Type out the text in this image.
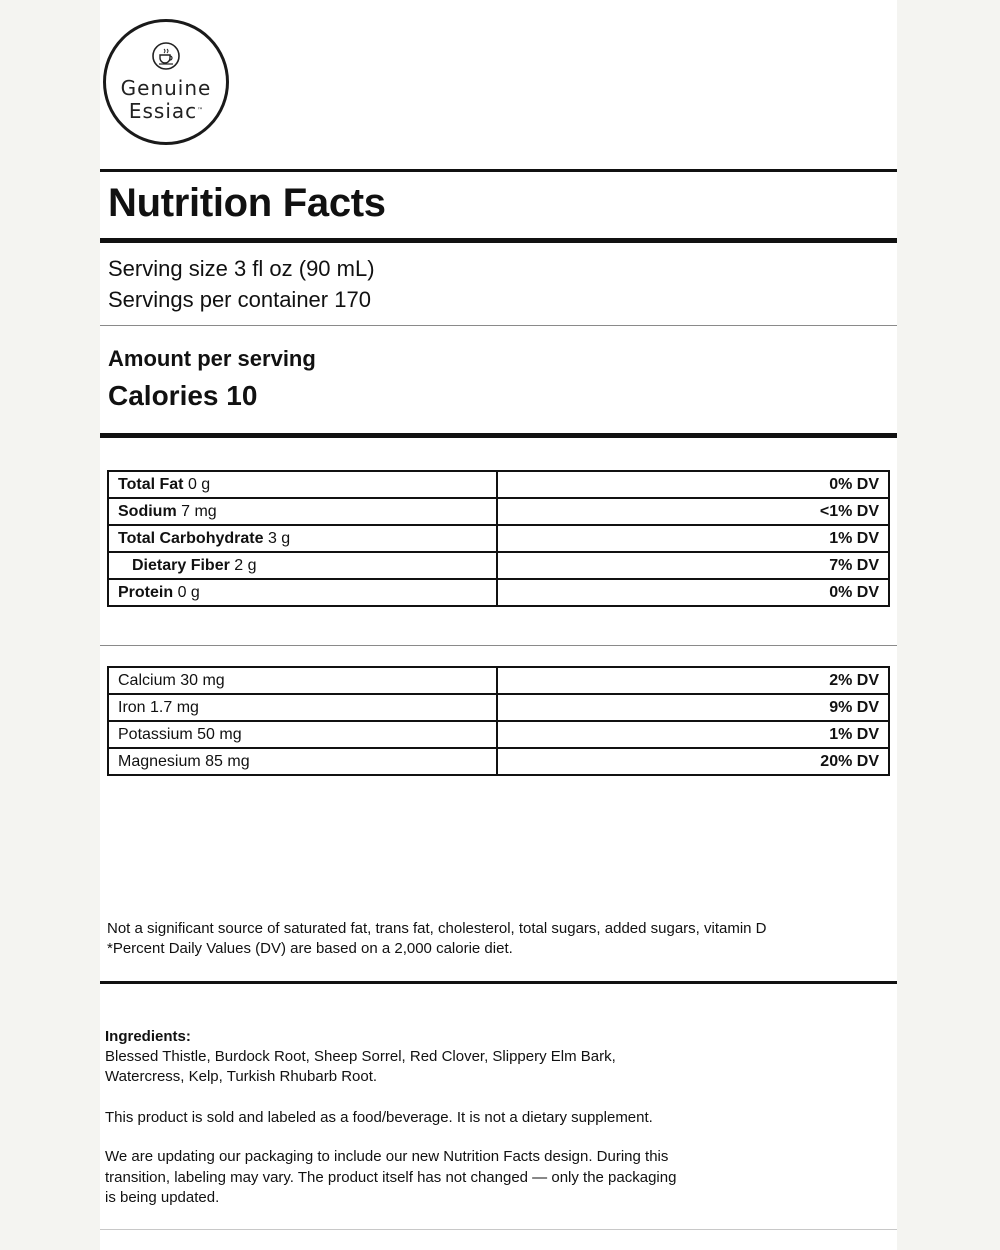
Genuine
Essiac™
Nutrition Facts
Serving size 3 fl oz (90 mL)
Servings per container 170
Amount per serving
Calories 10
Total Fat 0 g	0% DV
Sodium 7 mg	<1% DV
Total Carbohydrate 3 g	1% DV
Dietary Fiber 2 g	7% DV
Protein 0 g	0% DV
Calcium 30 mg	2% DV
Iron 1.7 mg	9% DV
Potassium 50 mg	1% DV
Magnesium 85 mg	20% DV
Not a significant source of saturated fat, trans fat, cholesterol, total sugars, added sugars, vitamin D
*Percent Daily Values (DV) are based on a 2,000 calorie diet.
Ingredients:
Blessed Thistle, Burdock Root, Sheep Sorrel, Red Clover, Slippery Elm Bark,
Watercress, Kelp, Turkish Rhubarb Root.
This product is sold and labeled as a food/beverage. It is not a dietary supplement.
We are updating our packaging to include our new Nutrition Facts design. During this
transition, labeling may vary. The product itself has not changed — only the packaging
is being updated.
